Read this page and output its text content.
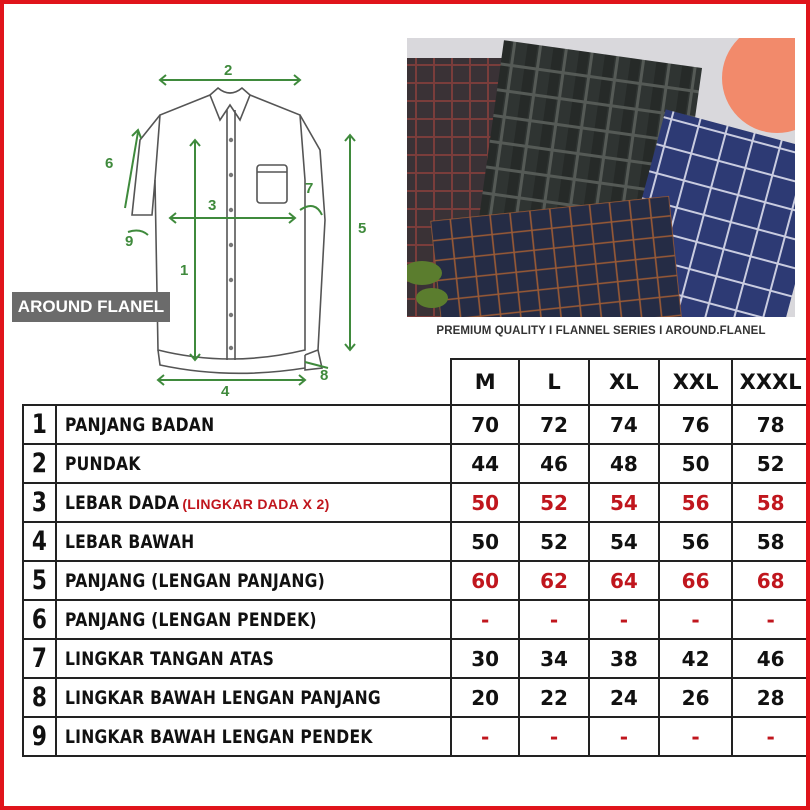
2
1
3
4
5
6
7
8
9
AROUND FLANEL
PREMIUM QUALITY I FLANNEL SERIES I AROUND.FLANEL
		M	L	XL	XXL	XXXL
1	PANJANG BADAN	70	72	74	76	78
2	PUNDAK	44	46	48	50	52
3	LEBAR DADA (LINGKAR DADA X 2)	50	52	54	56	58
4	LEBAR BAWAH	50	52	54	56	58
5	PANJANG (LENGAN PANJANG)	60	62	64	66	68
6	PANJANG (LENGAN PENDEK)	-	-	-	-	-
7	LINGKAR TANGAN ATAS	30	34	38	42	46
8	LINGKAR BAWAH LENGAN PANJANG	20	22	24	26	28
9	LINGKAR BAWAH LENGAN PENDEK	-	-	-	-	-
